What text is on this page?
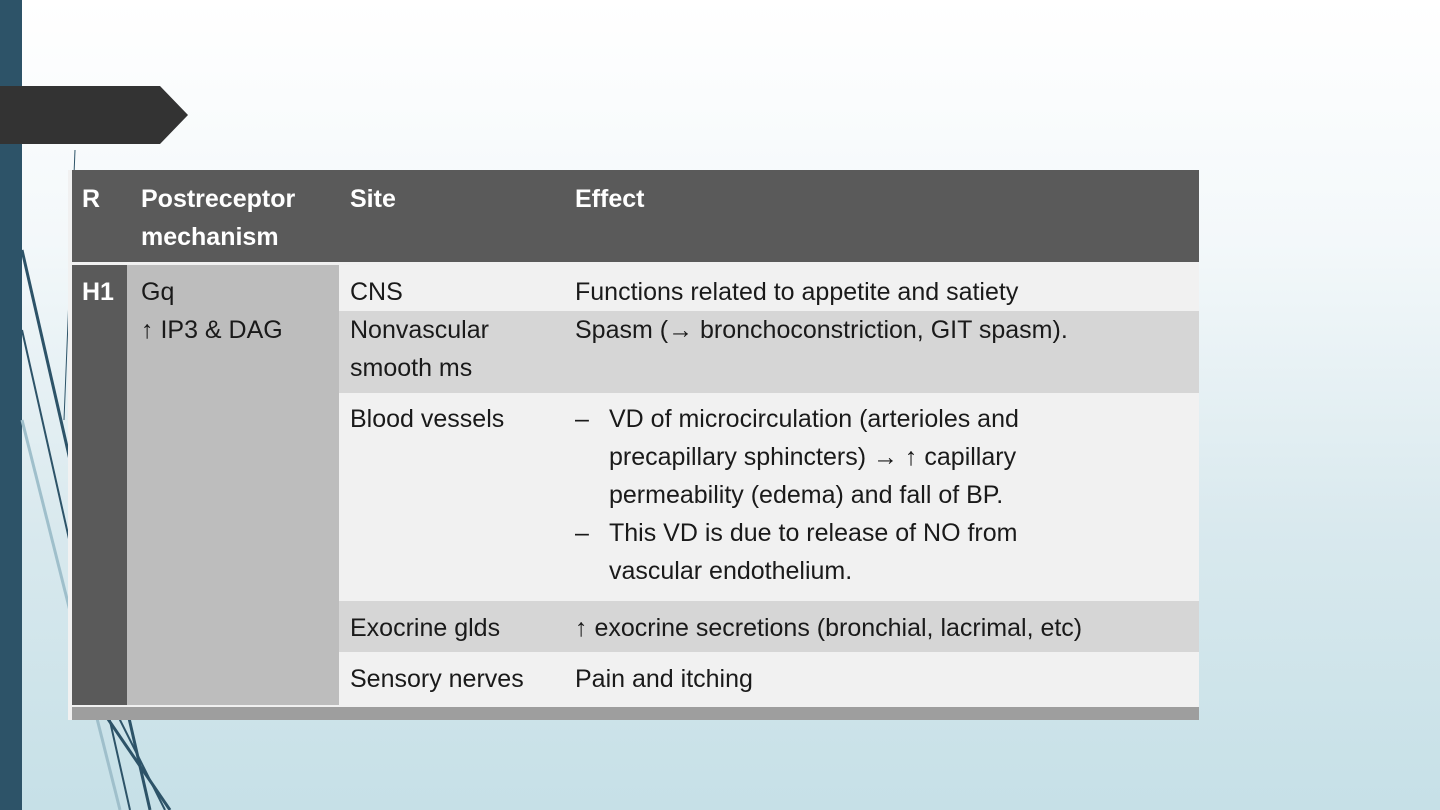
R Postreceptor
mechanism
Site	Effect
H1 Gq
↑ IP3 & DAG
CNS	Functions related to appetite and satiety
Nonvascular
smooth ms
Spasm (→ bronchoconstriction, GIT spasm).
Blood vessels
–	VD of microcirculation (arterioles and
precapillary sphincters) → ↑ capillary
permeability (edema) and fall of BP.
– This VD is due to release of NO from
vascular endothelium.
Exocrine glds	↑ exocrine secretions (bronchial, lacrimal, etc)
Sensory nerves Pain and itching
